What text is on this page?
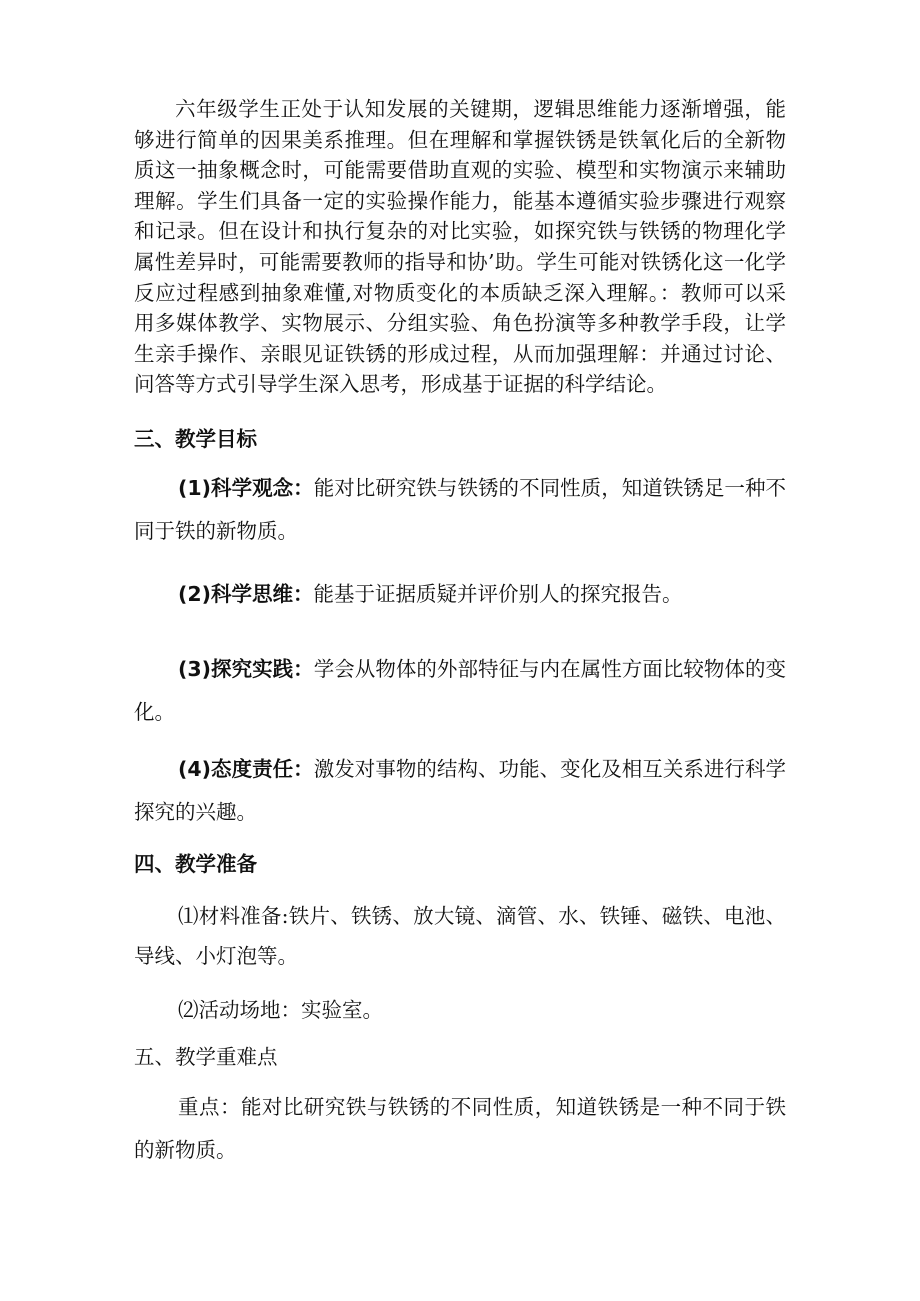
六年级学生正处于认知发展的关键期，逻辑思维能力逐渐增强，能够进行简单的因果美系推理。但在理解和掌握铁锈是铁氧化后的全新物质这一抽象概念时，可能需要借助直观的实验、模型和实物演示来辅助理解。学生们具备一定的实验操作能力，能基本遵循实验步骤进行观察和记录。但在设计和执行复杂的对比实验，如探究铁与铁锈的物理化学属性差异时，可能需要教师的指导和协’助。学生可能对铁锈化这一化学反应过程感到抽象难懂,对物质变化的本质缺乏深入理解。：教师可以采用多媒体教学、实物展示、分组实验、角色扮演等多种教学手段，让学生亲手操作、亲眼见证铁锈的形成过程，从而加强理解：并通过讨论、问答等方式引导学生深入思考，形成基于证据的科学结论。

三、教学目标

(1)科学观念：能对比研究铁与铁锈的不同性质，知道铁锈足一种不同于铁的新物质。

(2)科学思维：能基于证据质疑并评价别人的探究报告。

(3)探究实践：学会从物体的外部特征与内在属性方面比较物体的变化。

(4)态度责任：激发对事物的结构、功能、变化及相互关系进行科学探究的兴趣。

四、教学准备

⑴材料准备:铁片、铁锈、放大镜、滴管、水、铁锤、磁铁、电池、导线、小灯泡等。

⑵活动场地：实验室。

五、教学重难点

重点：能对比研究铁与铁锈的不同性质，知道铁锈是一种不同于铁的新物质。
